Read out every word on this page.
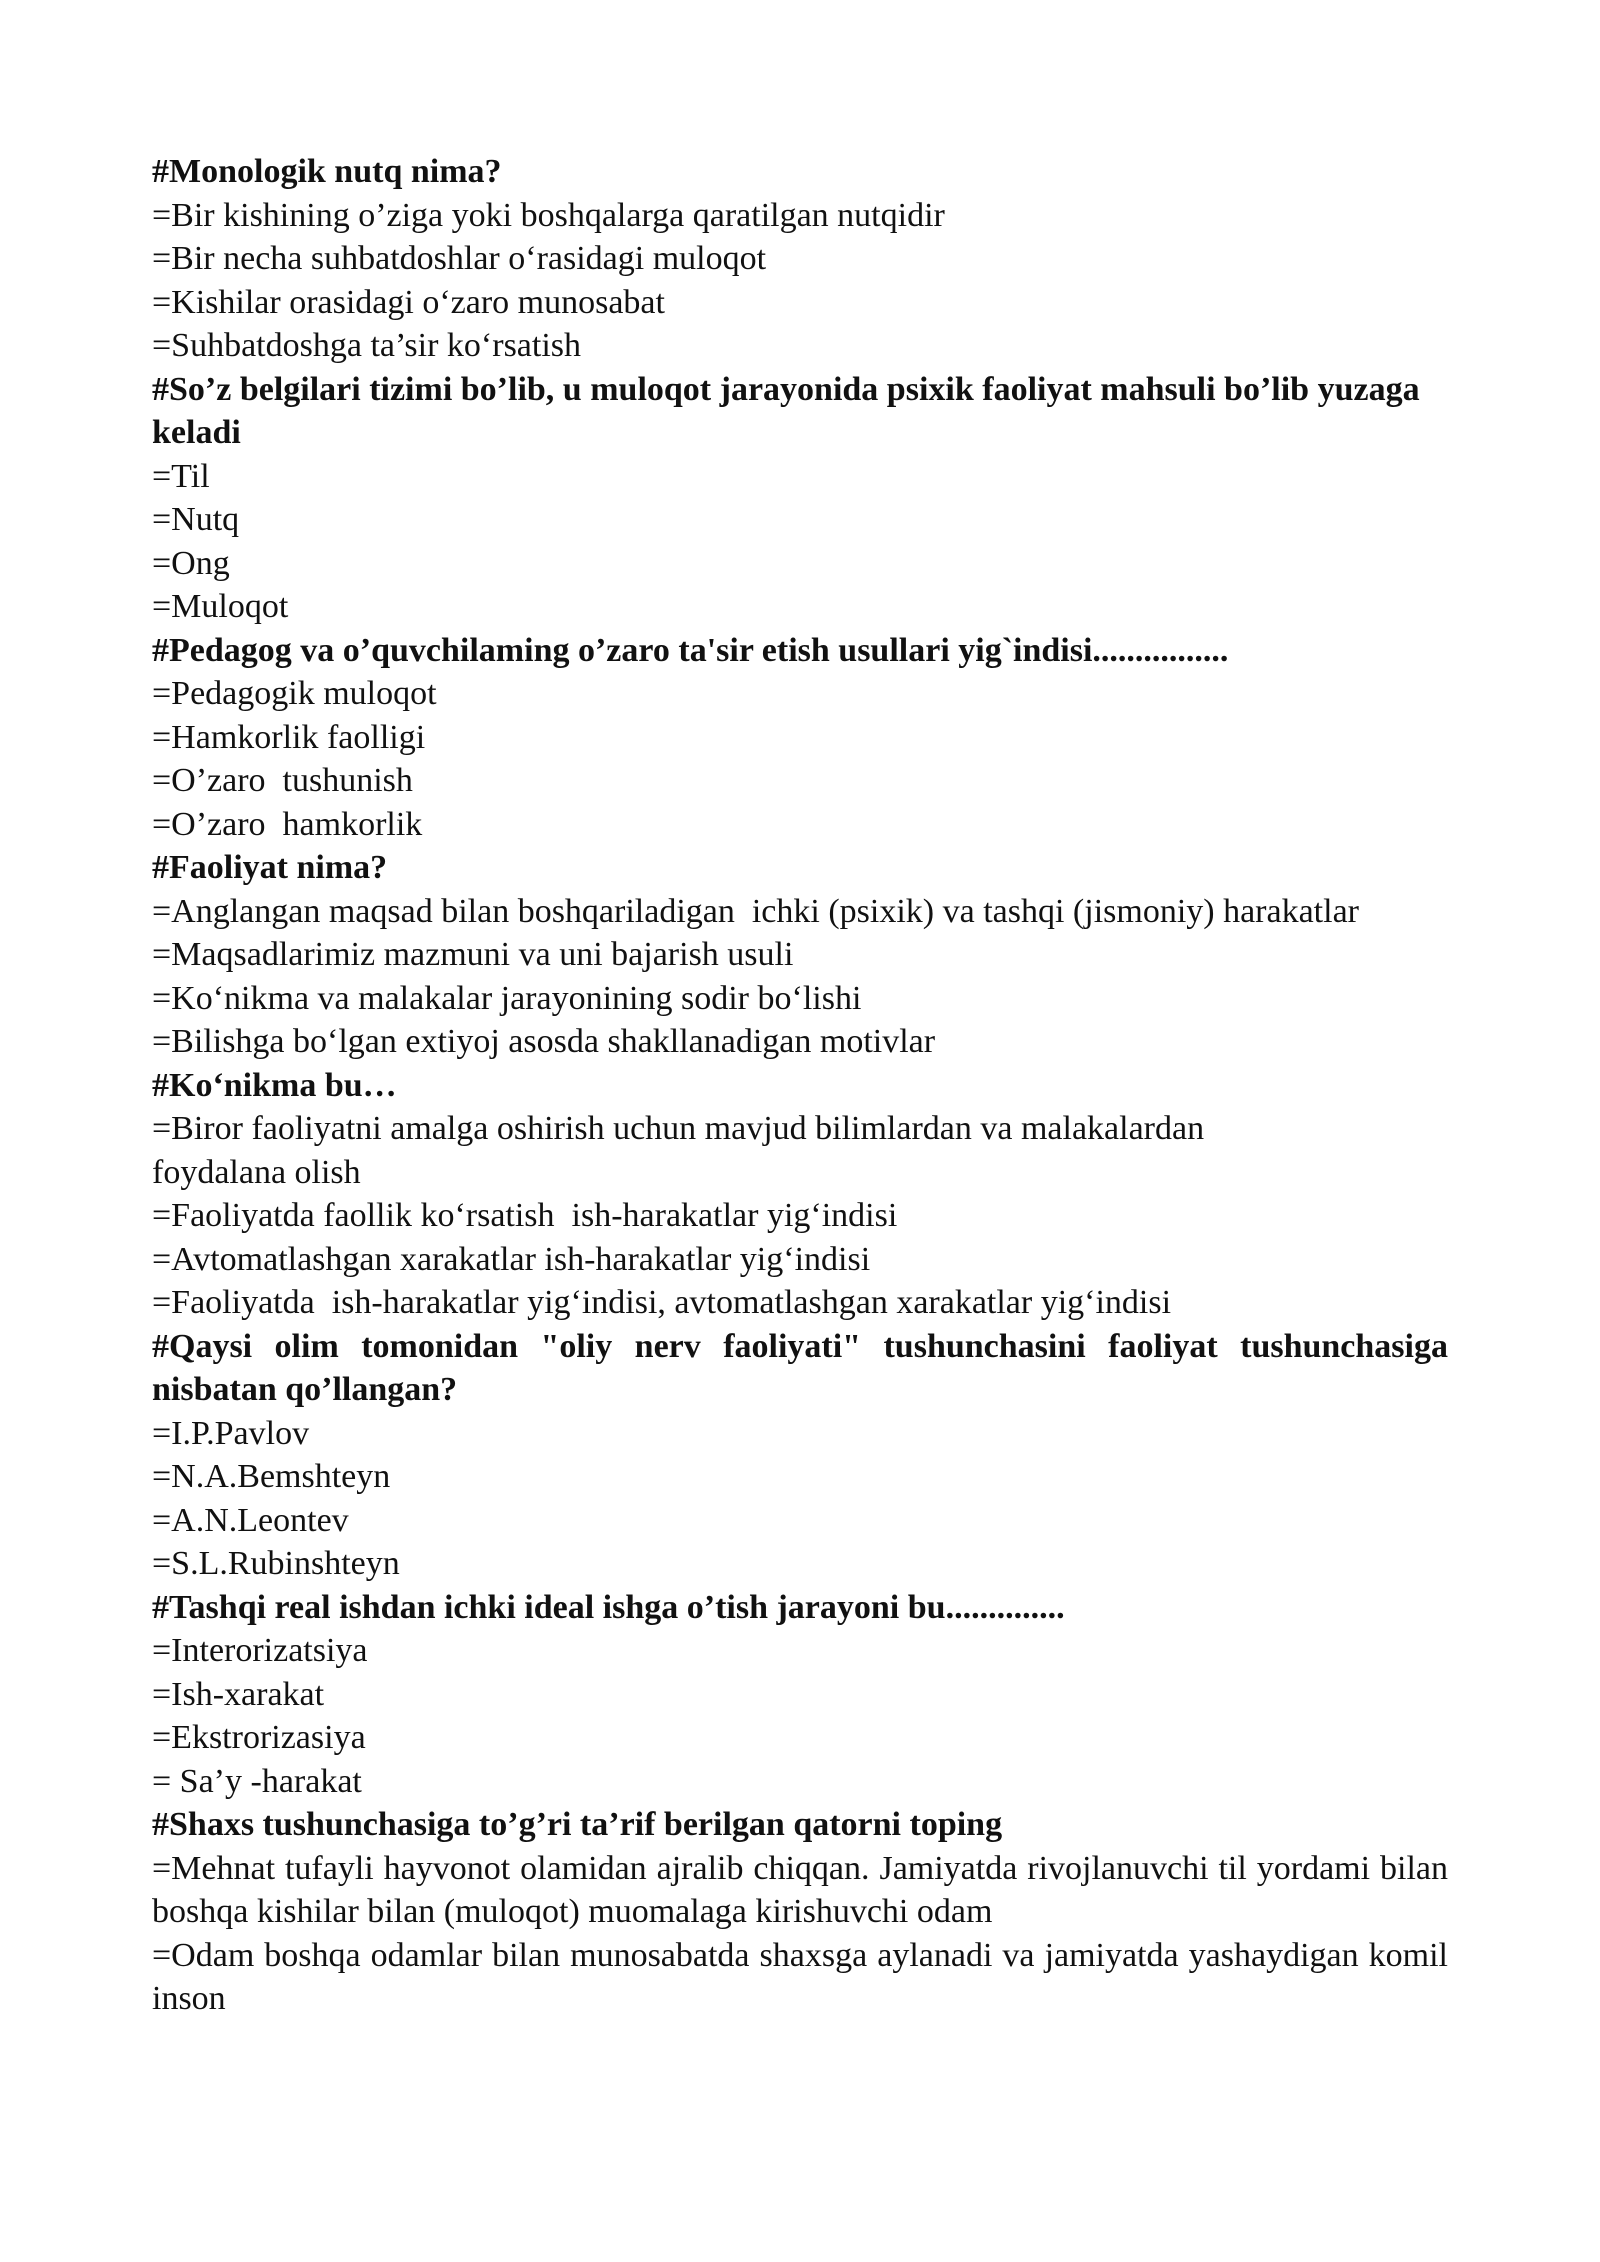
#Monologik nutq nima?

=Bir kishining o’ziga yoki boshqalarga qaratilgan nutqidir

=Bir necha suhbatdoshlar o‘rasidagi muloqot

=Kishilar orasidagi o‘zaro munosabat

=Suhbatdoshga ta’sir ko‘rsatish

#So’z belgilari tizimi bo’lib, u muloqot jarayonida psixik faoliyat mahsuli bo’lib yuzaga keladi

=Til

=Nutq

=Ong

=Muloqot

#Pedagog va o’quvchilaming o’zaro ta'sir etish usullari yig`indisi................

=Pedagogik muloqot

=Hamkorlik faolligi

=O’zaro  tushunish

=O’zaro  hamkorlik

#Faoliyat nima?

=Anglangan maqsad bilan boshqariladigan  ichki (psixik) va tashqi (jismoniy) harakatlar

=Maqsadlarimiz mazmuni va uni bajarish usuli

=Ko‘nikma va malakalar jarayonining sodir bo‘lishi

=Bilishga bo‘lgan extiyoj asosda shakllanadigan motivlar

#Ko‘nikma bu…

=Biror faoliyatni amalga oshirish uchun mavjud bilimlardan va malakalardan foydalana olish

=Faoliyatda faollik ko‘rsatish  ish-harakatlar yig‘indisi

=Avtomatlashgan xarakatlar ish-harakatlar yig‘indisi

=Faoliyatda  ish-harakatlar yig‘indisi, avtomatlashgan xarakatlar yig‘indisi

#Qaysi olim tomonidan "oliy nerv faoliyati" tushunchasini faoliyat tushunchasiga nisbatan qo’llangan?

=I.P.Pavlov

=N.A.Bemshteyn

=A.N.Leontev

=S.L.Rubinshteyn

#Tashqi real ishdan ichki ideal ishga o’tish jarayoni bu..............

=Interorizatsiya

=Ish-xarakat

=Ekstrorizasiya

= Sa’y -harakat

#Shaxs tushunchasiga to’g’ri ta’rif berilgan qatorni toping

=Mehnat tufayli hayvonot olamidan ajralib chiqqan. Jamiyatda rivojlanuvchi til yordami bilan boshqa kishilar bilan (muloqot) muomalaga kirishuvchi odam

=Odam boshqa odamlar bilan munosabatda shaxsga aylanadi va jamiyatda yashaydigan komil inson
